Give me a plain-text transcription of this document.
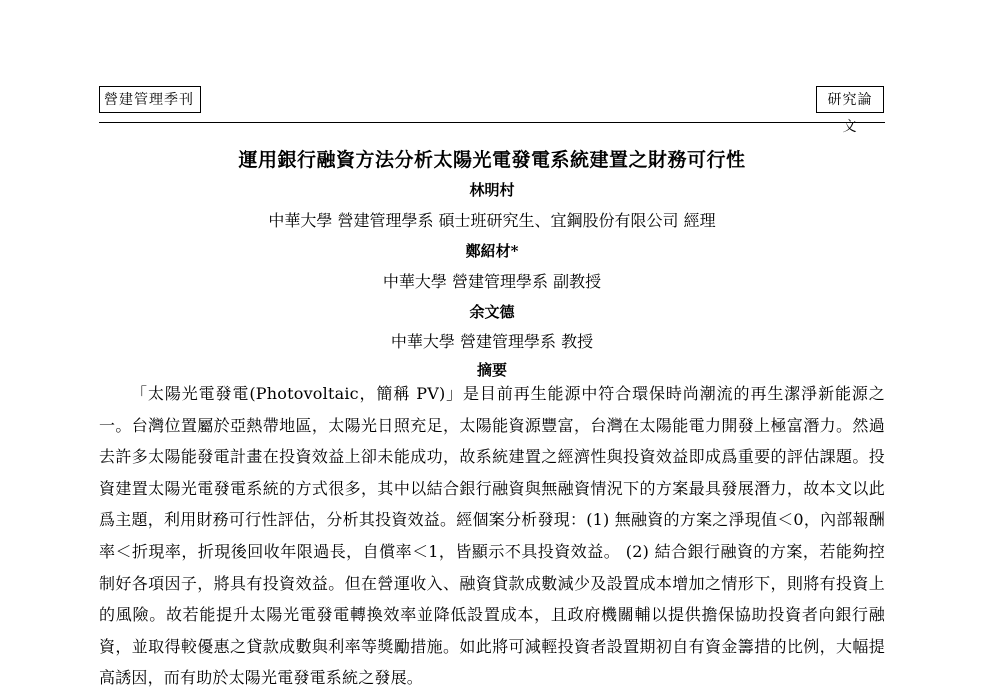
營建管理季刊	研究論文
運用銀行融資方法分析太陽光電發電系統建置之財務可行性
林明村
中華大學 營建管理學系 碩士班研究生、宜鋼股份有限公司 經理
鄭紹材*
中華大學 營建管理學系 副教授
余文德
中華大學 營建管理學系 教授
摘要
「太陽光電發電(Photovoltaic，簡稱 PV)」是目前再生能源中符合環保時尚潮流的再生潔淨新能源之一。台灣位置屬於亞熱帶地區，太陽光日照充足，太陽能資源豐富，台灣在太陽能電力開發上極富潛力。然過去許多太陽能發電計畫在投資效益上卻未能成功，故系統建置之經濟性與投資效益即成爲重要的評估課題。投資建置太陽光電發電系統的方式很多，其中以結合銀行融資與無融資情況下的方案最具發展潛力，故本文以此爲主題，利用財務可行性評估，分析其投資效益。經個案分析發現：(1) 無融資的方案之淨現值＜0，內部報酬率＜折現率，折現後回收年限過長，自償率＜1，皆顯示不具投資效益。 (2) 結合銀行融資的方案，若能夠控制好各項因子，將具有投資效益。但在營運收入、融資貸款成數減少及設置成本增加之情形下，則將有投資上的風險。故若能提升太陽光電發電轉換效率並降低設置成本，且政府機關輔以提供擔保協助投資者向銀行融資，並取得較優惠之貸款成數與利率等獎勵措施。如此將可減輕投資者設置期初自有資金籌措的比例，大幅提高誘因，而有助於太陽光電發電系統之發展。
